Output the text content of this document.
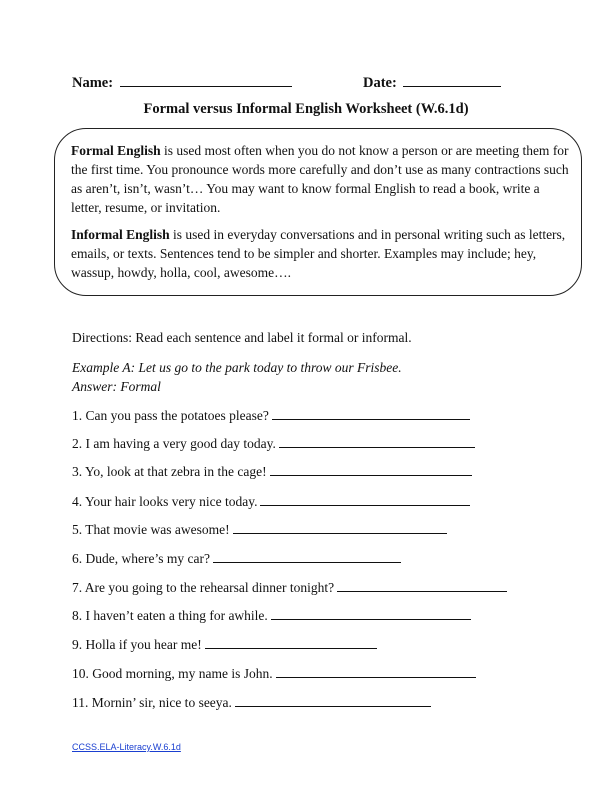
Name:	Date:
Formal versus Informal English Worksheet (W.6.1d)
Formal English is used most often when you do not know a person or are meeting them for the first time. You pronounce words more carefully and don’t use as many contractions such as aren’t, isn’t, wasn’t… You may want to know formal English to read a book, write a letter, resume, or invitation.
Informal English is used in everyday conversations and in personal writing such as letters, emails, or texts. Sentences tend to be simpler and shorter. Examples may include; hey, wassup, howdy, holla, cool, awesome….
Directions: Read each sentence and label it formal or informal.
Example A: Let us go to the park today to throw our Frisbee.
Answer: Formal
1. Can you pass the potatoes please?
2. I am having a very good day today.
3. Yo, look at that zebra in the cage!
4. Your hair looks very nice today.
5. That movie was awesome!
6. Dude, where’s my car?
7. Are you going to the rehearsal dinner tonight?
8. I haven’t eaten a thing for awhile.
9. Holla if you hear me!
10. Good morning, my name is John.
11. Mornin’ sir, nice to seeya.
CCSS.ELA-Literacy.W.6.1d
